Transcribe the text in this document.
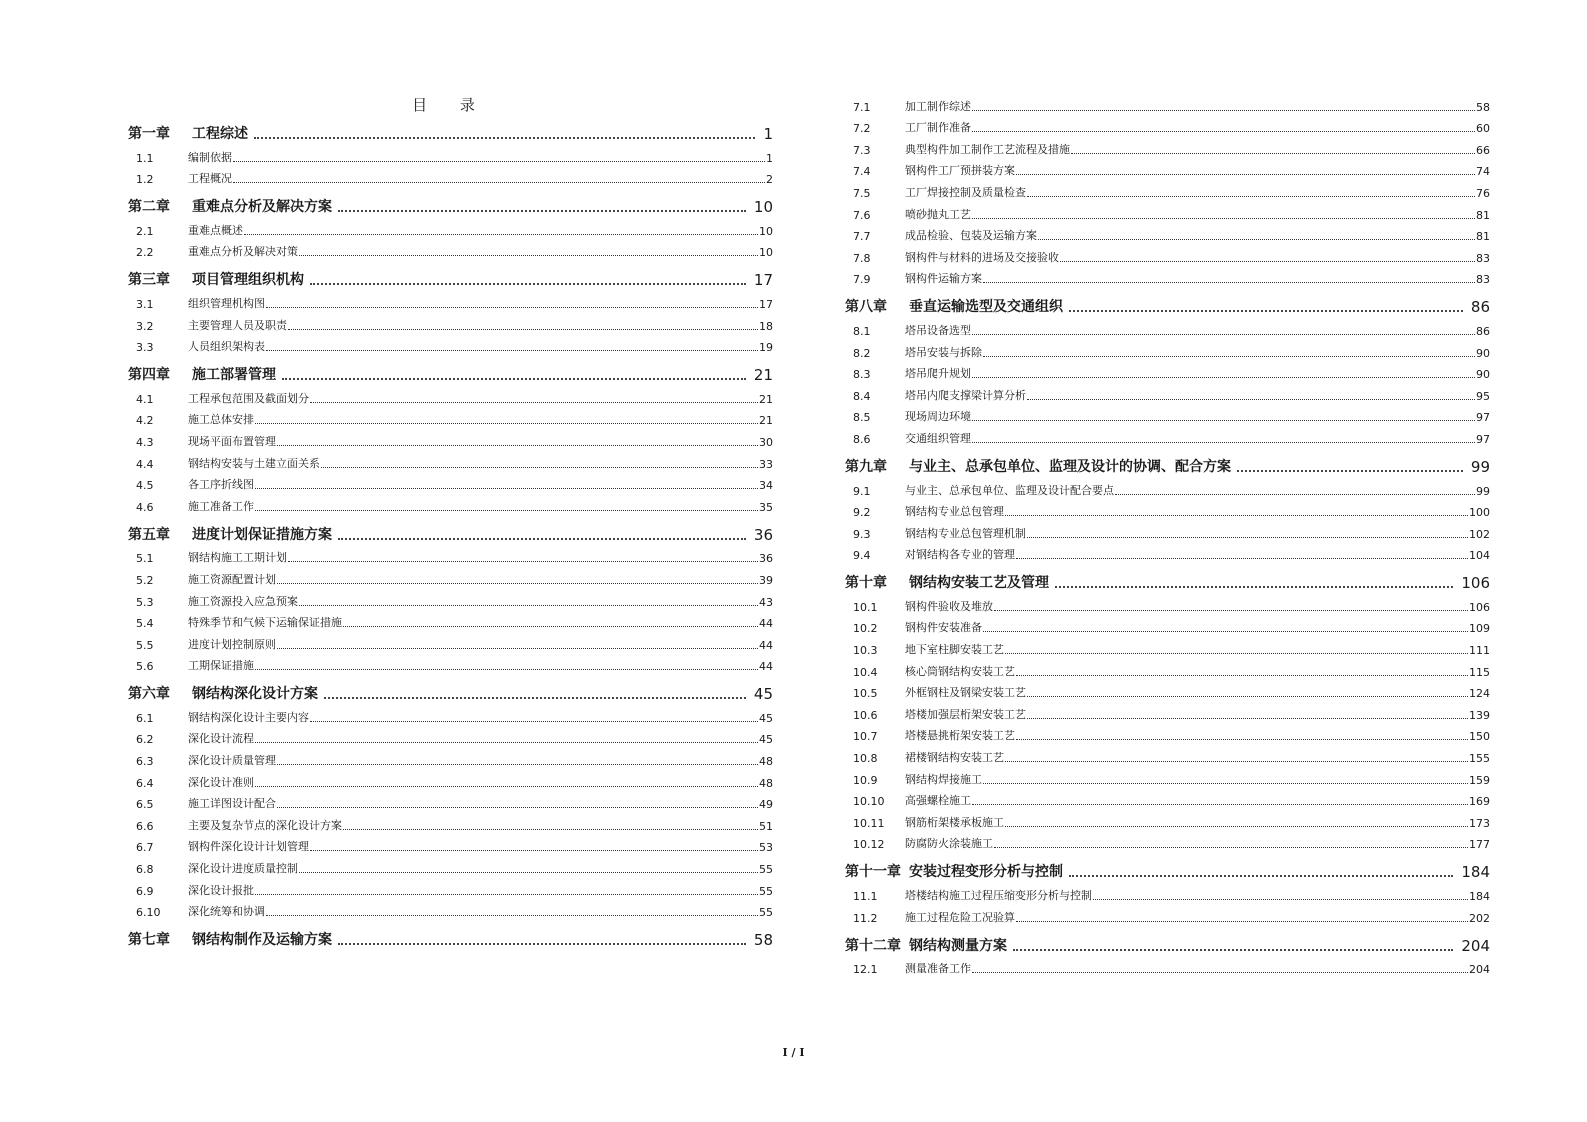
目 录
第一章	工程综述	1
1.1	编制依据	1
1.2	工程概况	2
第二章	重难点分析及解决方案	10
2.1	重难点概述	10
2.2	重难点分析及解决对策	10
第三章	项目管理组织机构	17
3.1	组织管理机构图	17
3.2	主要管理人员及职责	18
3.3	人员组织架构表	19
第四章	施工部署管理	21
4.1	工程承包范围及截面划分	21
4.2	施工总体安排	21
4.3	现场平面布置管理	30
4.4	钢结构安装与土建立面关系	33
4.5	各工序折线图	34
4.6	施工准备工作	35
第五章	进度计划保证措施方案	36
5.1	钢结构施工工期计划	36
5.2	施工资源配置计划	39
5.3	施工资源投入应急预案	43
5.4	特殊季节和气候下运输保证措施	44
5.5	进度计划控制原则	44
5.6	工期保证措施	44
第六章	钢结构深化设计方案	45
6.1	钢结构深化设计主要内容	45
6.2	深化设计流程	45
6.3	深化设计质量管理	48
6.4	深化设计准则	48
6.5	施工详图设计配合	49
6.6	主要及复杂节点的深化设计方案	51
6.7	钢构件深化设计计划管理	53
6.8	深化设计进度质量控制	55
6.9	深化设计报批	55
6.10	深化统筹和协调	55
第七章	钢结构制作及运输方案	58
7.1	加工制作综述	58
7.2	工厂制作准备	60
7.3	典型构件加工制作工艺流程及措施	66
7.4	钢构件工厂预拼装方案	74
7.5	工厂焊接控制及质量检查	76
7.6	喷砂抛丸工艺	81
7.7	成品检验、包装及运输方案	81
7.8	钢构件与材料的进场及交接验收	83
7.9	钢构件运输方案	83
第八章	垂直运输选型及交通组织	86
8.1	塔吊设备选型	86
8.2	塔吊安装与拆除	90
8.3	塔吊爬升规划	90
8.4	塔吊内爬支撑梁计算分析	95
8.5	现场周边环境	97
8.6	交通组织管理	97
第九章	与业主、总承包单位、监理及设计的协调、配合方案	99
9.1	与业主、总承包单位、监理及设计配合要点	99
9.2	钢结构专业总包管理	100
9.3	钢结构专业总包管理机制	102
9.4	对钢结构各专业的管理	104
第十章	钢结构安装工艺及管理	106
10.1	钢构件验收及堆放	106
10.2	钢构件安装准备	109
10.3	地下室柱脚安装工艺	111
10.4	核心筒钢结构安装工艺	115
10.5	外框钢柱及钢梁安装工艺	124
10.6	塔楼加强层桁架安装工艺	139
10.7	塔楼悬挑桁架安装工艺	150
10.8	裙楼钢结构安装工艺	155
10.9	钢结构焊接施工	159
10.10	高强螺栓施工	169
10.11	钢筋桁架楼承板施工	173
10.12	防腐防火涂装施工	177
第十一章 安装过程变形分析与控制	184
11.1	塔楼结构施工过程压缩变形分析与控制	184
11.2	施工过程危险工况验算	202
第十二章 钢结构测量方案	204
12.1	测量准备工作	204
I / I
